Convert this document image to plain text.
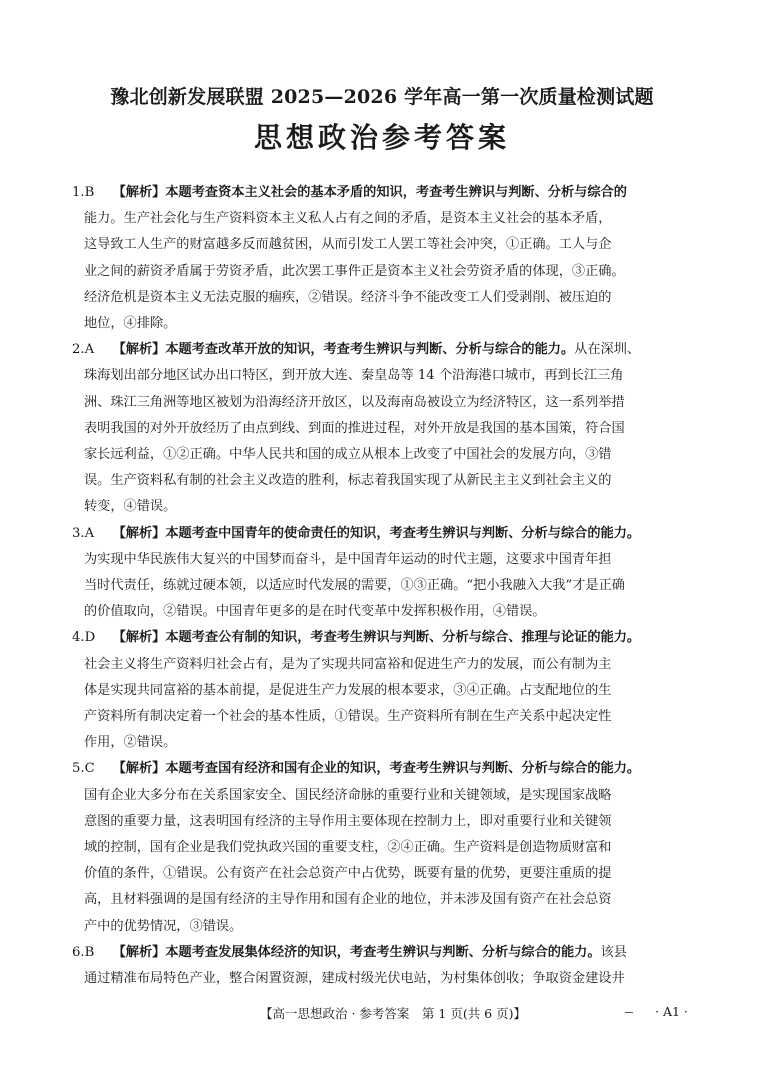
豫北创新发展联盟 2025—2026 学年高一第一次质量检测试题
思想政治参考答案
1.B 【解析】本题考查资本主义社会的基本矛盾的知识，考查考生辨识与判断、分析与综合的
能力。生产社会化与生产资料资本主义私人占有之间的矛盾，是资本主义社会的基本矛盾，
这导致工人生产的财富越多反而越贫困，从而引发工人罢工等社会冲突，①正确。工人与企
业之间的薪资矛盾属于劳资矛盾，此次罢工事件正是资本主义社会劳资矛盾的体现，③正确。
经济危机是资本主义无法克服的痼疾，②错误。经济斗争不能改变工人们受剥削、被压迫的
地位，④排除。
2.A 【解析】本题考查改革开放的知识，考查考生辨识与判断、分析与综合的能力。从在深圳、
珠海划出部分地区试办出口特区，到开放大连、秦皇岛等 14 个沿海港口城市，再到长江三角
洲、珠江三角洲等地区被划为沿海经济开放区，以及海南岛被设立为经济特区，这一系列举措
表明我国的对外开放经历了由点到线、到面的推进过程，对外开放是我国的基本国策，符合国
家长远利益，①②正确。中华人民共和国的成立从根本上改变了中国社会的发展方向，③错
误。生产资料私有制的社会主义改造的胜利，标志着我国实现了从新民主主义到社会主义的
转变，④错误。
3.A 【解析】本题考查中国青年的使命责任的知识，考查考生辨识与判断、分析与综合的能力。
为实现中华民族伟大复兴的中国梦而奋斗，是中国青年运动的时代主题，这要求中国青年担
当时代责任，练就过硬本领，以适应时代发展的需要，①③正确。“把小我融入大我”才是正确
的价值取向，②错误。中国青年更多的是在时代变革中发挥积极作用，④错误。
4.D 【解析】本题考查公有制的知识，考查考生辨识与判断、分析与综合、推理与论证的能力。
社会主义将生产资料归社会占有，是为了实现共同富裕和促进生产力的发展，而公有制为主
体是实现共同富裕的基本前提，是促进生产力发展的根本要求，③④正确。占支配地位的生
产资料所有制决定着一个社会的基本性质，①错误。生产资料所有制在生产关系中起决定性
作用，②错误。
5.C 【解析】本题考查国有经济和国有企业的知识，考查考生辨识与判断、分析与综合的能力。
国有企业大多分布在关系国家安全、国民经济命脉的重要行业和关键领域，是实现国家战略
意图的重要力量，这表明国有经济的主导作用主要体现在控制力上，即对重要行业和关键领
域的控制，国有企业是我们党执政兴国的重要支柱，②④正确。生产资料是创造物质财富和
价值的条件，①错误。公有资产在社会总资产中占优势，既要有量的优势，更要注重质的提
高，且材料强调的是国有经济的主导作用和国有企业的地位，并未涉及国有资产在社会总资
产中的优势情况，③错误。
6.B 【解析】本题考查发展集体经济的知识，考查考生辨识与判断、分析与综合的能力。该县
通过精准布局特色产业，整合闲置资源，建成村级光伏电站，为村集体创收；争取资金建设井
【高一思想政治 · 参考答案　第 1 页(共 6 页)】	· A1 ·
